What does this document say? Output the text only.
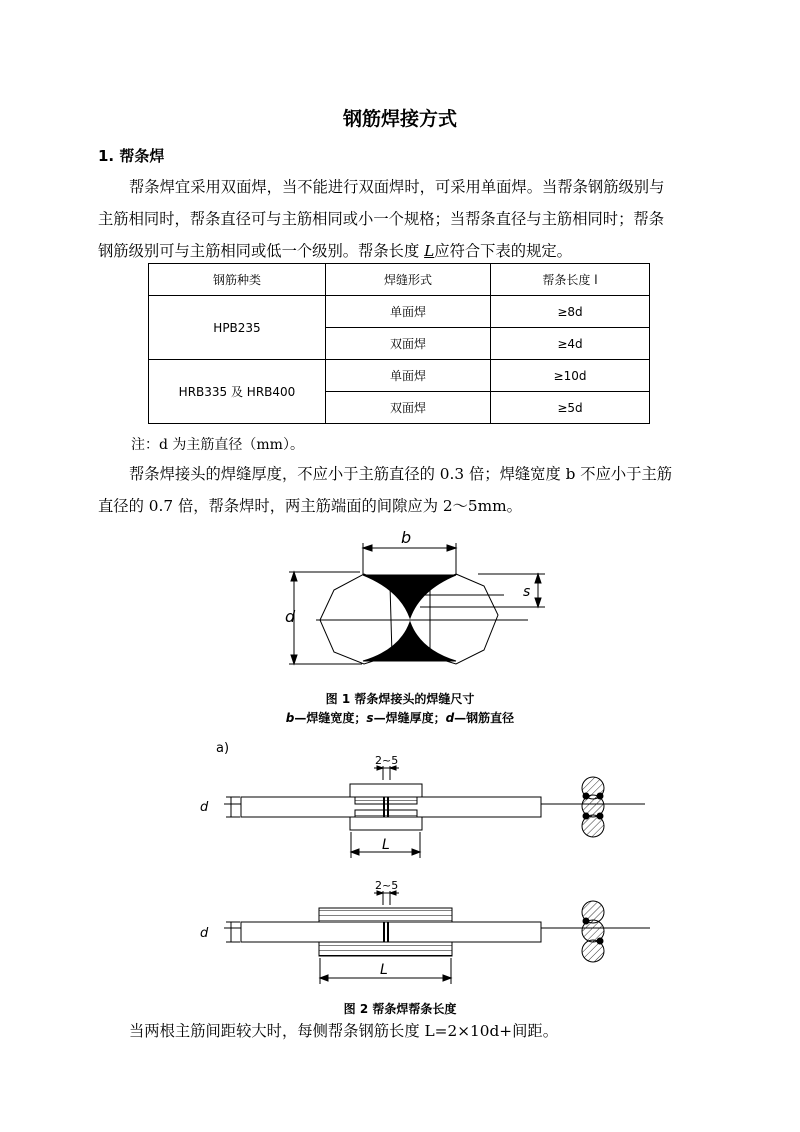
钢筋焊接方式
1. 帮条焊
帮条焊宜采用双面焊，当不能进行双面焊时，可采用单面焊。当帮条钢筋级别与
主筋相同时，帮条直径可与主筋相同或小一个规格；当帮条直径与主筋相同时；帮条
钢筋级别可与主筋相同或低一个级别。帮条长度 L应符合下表的规定。
钢筋种类	焊缝形式	帮条长度 l
HPB235	单面焊	≥8d
	双面焊	≥4d
HRB335 及 HRB400	单面焊	≥10d
	双面焊	≥5d
注：d 为主筋直径（mm）。
帮条焊接头的焊缝厚度，不应小于主筋直径的 0.3 倍；焊缝宽度 b 不应小于主筋
直径的 0.7 倍，帮条焊时，两主筋端面的间隙应为 2～5mm。
b
s
d
图 1 帮条焊接头的焊缝尺寸
b—焊缝宽度；s—焊缝厚度；d—钢筋直径
a)
2~5
d
L
2~5
d
L
图 2 帮条焊帮条长度
当两根主筋间距较大时，每侧帮条钢筋长度 L=2×10d+间距。
